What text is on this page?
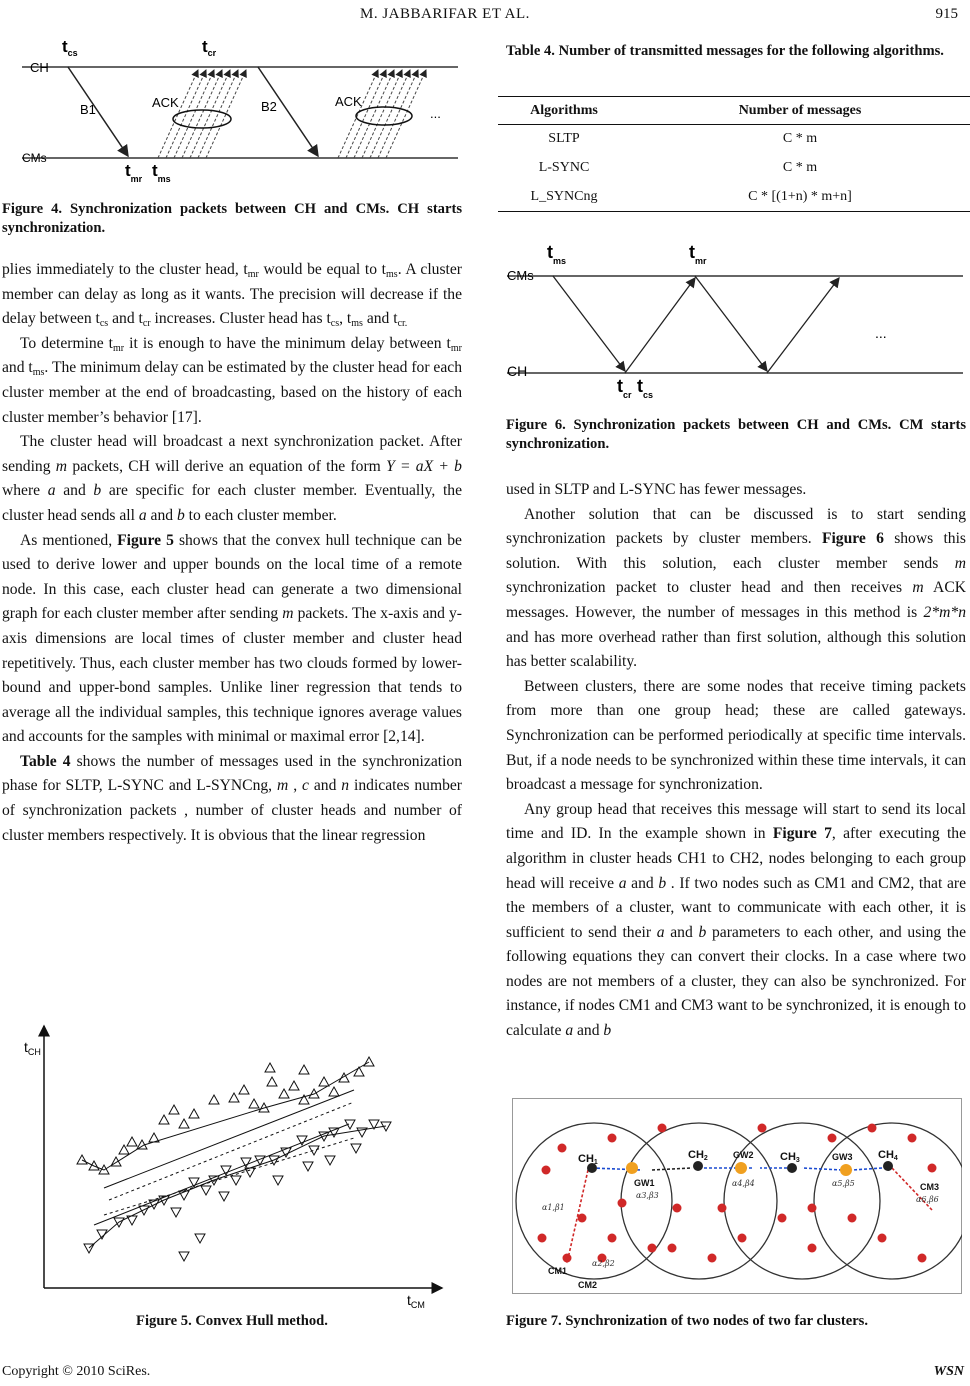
M. JABBARIFAR ET AL.	915
$t_{cs}$	$t_{cr}$
CH
CMs
B1	ACK	B2	ACK
...
$t_{mr}$ $t_{ms}$
Figure 4. Synchronization packets between CH and CMs. CH starts synchronization.

plies immediately to the cluster head, $t_{mr}$ would be equal to $t_{ms}$. A cluster member can delay as long as it wants. The precision will decrease if the delay between $t_{cs}$ and $t_{cr}$ increases. Cluster head has $t_{cs}$, $t_{ms}$ and $t_{cr.}$

To determine $t_{mr}$ it is enough to have the minimum delay between $t_{mr}$ and $t_{ms}$. The minimum delay can be estimated by the cluster head for each cluster member at the end of broadcasting, based on the history of each cluster member’s behavior [17].

The cluster head will broadcast a next synchronization packet. After sending m packets, CH will derive an equation of the form Y = aX + b where a and b are specific for each cluster member. Eventually, the cluster head sends all a and b to each cluster member.

As mentioned, Figure 5 shows that the convex hull technique can be used to derive lower and upper bounds on the local time of a remote node. In this case, each cluster head can generate a two dimensional graph for each cluster member after sending m packets. The x-axis and y-axis dimensions are local times of cluster member and cluster head repetitively. Thus, each cluster member has two clouds formed by lower-bound and upper-bond samples. Unlike liner regression that tends to average all the individual samples, this technique ignores average values and accounts for the samples with minimal or maximal error [2,14].

Table 4 shows the number of messages used in the synchronization phase for SLTP, L-SYNC and L-SYNCng, m , c and n indicates number of synchronization packets , number of cluster heads and number of cluster members respectively. It is obvious that the linear regression

$t_{CH}$
$t_{CM}$
Figure 5. Convex Hull method.
Table 4. Number of transmitted messages for the following algorithms.
Algorithms	Number of messages
SLTP	C * m
L-SYNC	C * m
L_SYNCng	C * [(1+n) * m+n]
$t_{ms}$	$t_{mr}$
CMs
CH
...
$t_{cr}$ $t_{cs}$
Figure 6. Synchronization packets between CH and CMs. CM starts synchronization.

used in SLTP and L-SYNC has fewer messages.

Another solution that can be discussed is to start sending synchronization packets by cluster members. Figure 6 shows this solution. With this solution, each cluster member sends m synchronization packet to cluster head and then receives m ACK messages. However, the number of messages in this method is 2*m*n and has more overhead rather than first solution, although this solution has better scalability.

Between clusters, there are some nodes that receive timing packets from more than one group head; these are called gateways. Synchronization can be performed periodically at specific time intervals. But, if a node needs to be synchronized within these time intervals, it can broadcast a message for synchronization.

Any group head that receives this message will start to send its local time and ID. In the example shown in Figure 7, after executing the algorithm in cluster heads CH1 to CH2, nodes belonging to each group head will receive a and b . If two nodes such as CM1 and CM2, that are the members of a cluster, want to communicate with each other, it is sufficient to send their a and b parameters to each other, and using the following equations they can convert their clocks. In a case where two nodes are not members of a cluster, they can also be synchronized. For instance, if nodes CM1 and CM3 want to be synchronized, it is enough to calculate a and b

CH1
GW1
CH2	GW2 CH3	GW3 CH4
CM3
CM1
CM2
α1,β1
α2,β2
α3,β3
α4,β4	α5,β5
α6,β6
Figure 7. Synchronization of two nodes of two far clusters.
Copyright © 2010 SciRes.	WSN
